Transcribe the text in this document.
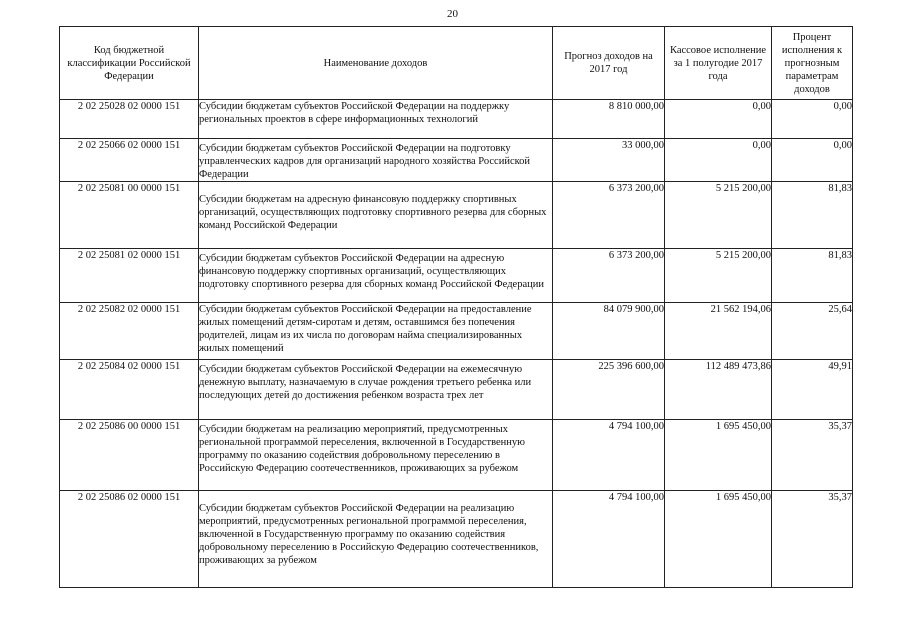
20
Код бюджетной классификации Российской Федерации	Наименование доходов	Прогноз доходов на 2017 год	Кассовое исполнение за 1 полугодие 2017 года	Процент исполнения к прогнозным параметрам доходов

2 02 25028 02 0000 151	Субсидии бюджетам субъектов Российской Федерации на поддержку региональных проектов в сфере информационных технологий	8 810 000,00	0,00	0,00
2 02 25066 02 0000 151	Субсидии бюджетам субъектов Российской Федерации на подготовку управленческих кадров для организаций народного хозяйства Российской Федерации	33 000,00	0,00	0,00
2 02 25081 00 0000 151	Субсидии бюджетам на адресную финансовую поддержку спортивных организаций, осуществляющих подготовку спортивного резерва для сборных команд Российской Федерации	6 373 200,00	5 215 200,00	81,83
2 02 25081 02 0000 151	Субсидии бюджетам субъектов Российской Федерации на адресную финансовую поддержку спортивных организаций, осуществляющих подготовку спортивного резерва для сборных команд Российской Федерации	6 373 200,00	5 215 200,00	81,83
2 02 25082 02 0000 151	Субсидии бюджетам субъектов Российской Федерации на предоставление жилых помещений детям-сиротам и детям, оставшимся без попечения родителей, лицам из их числа по договорам найма специализированных жилых помещений	84 079 900,00	21 562 194,06	25,64
2 02 25084 02 0000 151	Субсидии бюджетам субъектов Российской Федерации на ежемесячную денежную выплату, назначаемую в случае рождения третьего ребенка или последующих детей до достижения ребенком возраста трех лет	225 396 600,00	112 489 473,86	49,91
2 02 25086 00 0000 151	Субсидии бюджетам на реализацию мероприятий, предусмотренных региональной программой переселения, включенной в Государственную программу по оказанию содействия добровольному переселению в Российскую Федерацию соотечественников, проживающих за рубежом	4 794 100,00	1 695 450,00	35,37
2 02 25086 02 0000 151	Субсидии бюджетам субъектов Российской Федерации на реализацию мероприятий, предусмотренных региональной программой переселения, включенной в Государственную программу по оказанию содействия добровольному переселению в Российскую Федерацию соотечественников, проживающих за рубежом	4 794 100,00	1 695 450,00	35,37
